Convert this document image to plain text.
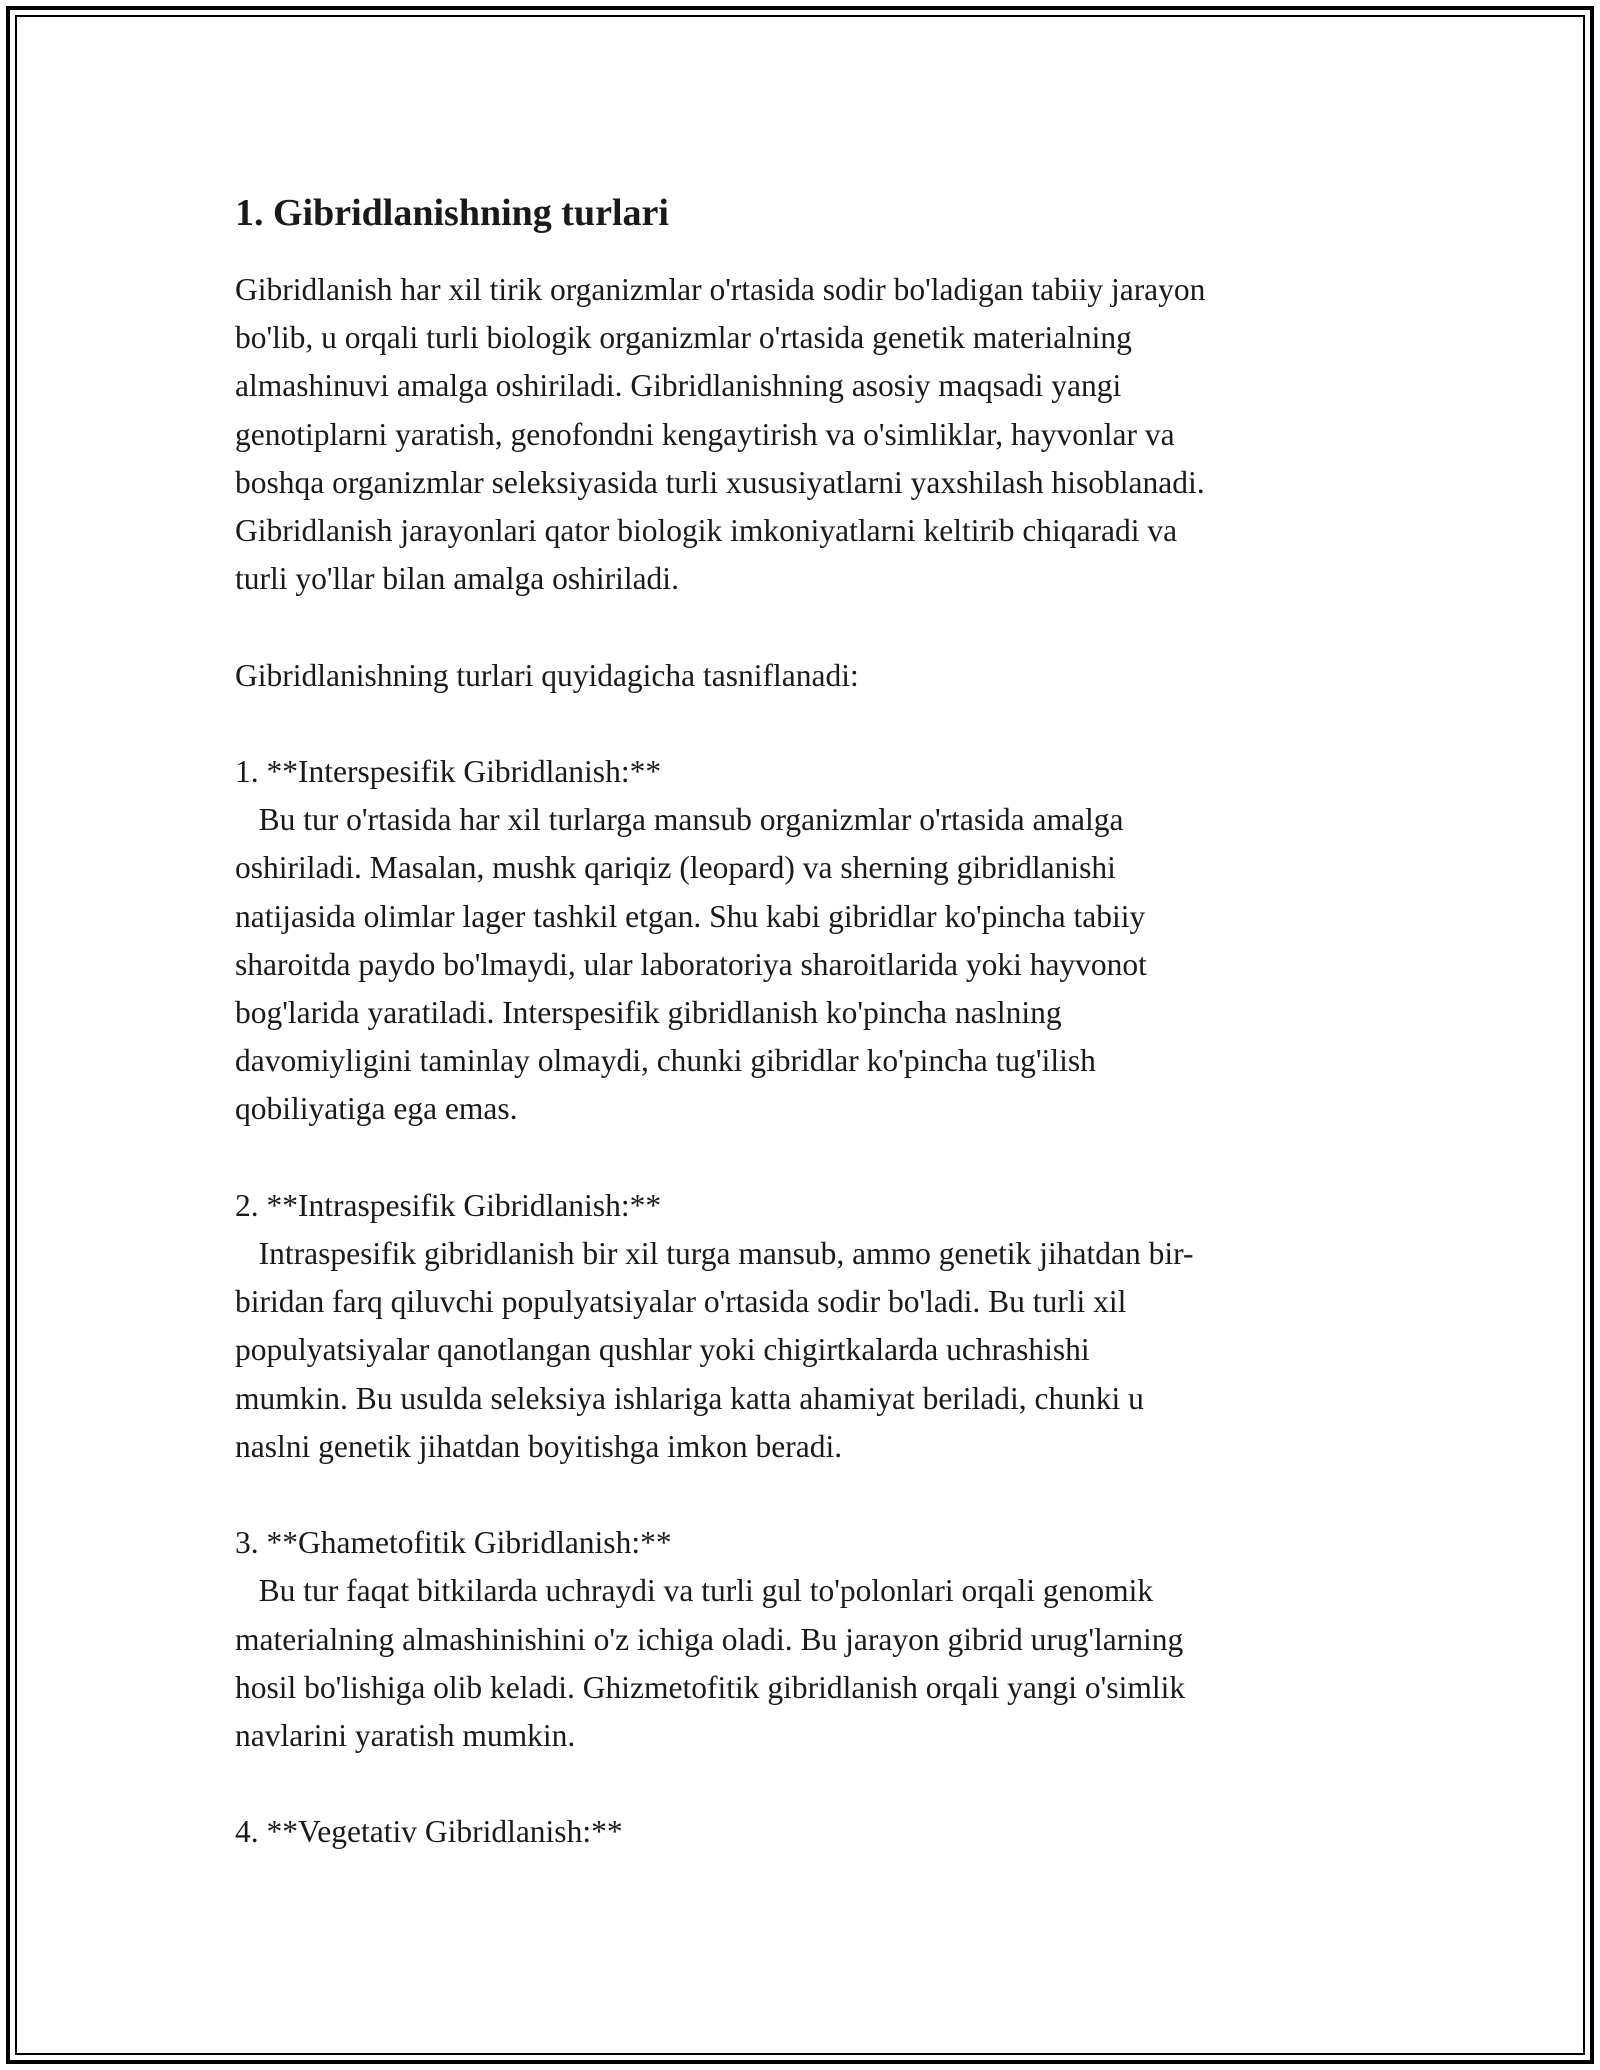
1. Gibridlanishning turlari

Gibridlanish har xil tirik organizmlar o'rtasida sodir bo'ladigan tabiiy jarayon
bo'lib, u orqali turli biologik organizmlar o'rtasida genetik materialning
almashinuvi amalga oshiriladi. Gibridlanishning asosiy maqsadi yangi
genotiplarni yaratish, genofondni kengaytirish va o'simliklar, hayvonlar va
boshqa organizmlar seleksiyasida turli xususiyatlarni yaxshilash hisoblanadi.
Gibridlanish jarayonlari qator biologik imkoniyatlarni keltirib chiqaradi va
turli yo'llar bilan amalga oshiriladi.

Gibridlanishning turlari quyidagicha tasniflanadi:

1. **Interspesifik Gibridlanish:**

Bu tur o'rtasida har xil turlarga mansub organizmlar o'rtasida amalga
oshiriladi. Masalan, mushk qariqiz (leopard) va sherning gibridlanishi
natijasida olimlar lager tashkil etgan. Shu kabi gibridlar ko'pincha tabiiy
sharoitda paydo bo'lmaydi, ular laboratoriya sharoitlarida yoki hayvonot
bog'larida yaratiladi. Interspesifik gibridlanish ko'pincha naslning
davomiyligini taminlay olmaydi, chunki gibridlar ko'pincha tug'ilish
qobiliyatiga ega emas.

2. **Intraspesifik Gibridlanish:**

Intraspesifik gibridlanish bir xil turga mansub, ammo genetik jihatdan bir-
biridan farq qiluvchi populyatsiyalar o'rtasida sodir bo'ladi. Bu turli xil
populyatsiyalar qanotlangan qushlar yoki chigirtkalarda uchrashishi
mumkin. Bu usulda seleksiya ishlariga katta ahamiyat beriladi, chunki u
naslni genetik jihatdan boyitishga imkon beradi.

3. **Ghametofitik Gibridlanish:**

Bu tur faqat bitkilarda uchraydi va turli gul to'polonlari orqali genomik
materialning almashinishini o'z ichiga oladi. Bu jarayon gibrid urug'larning
hosil bo'lishiga olib keladi. Ghizmetofitik gibridlanish orqali yangi o'simlik
navlarini yaratish mumkin.

4. **Vegetativ Gibridlanish:**
